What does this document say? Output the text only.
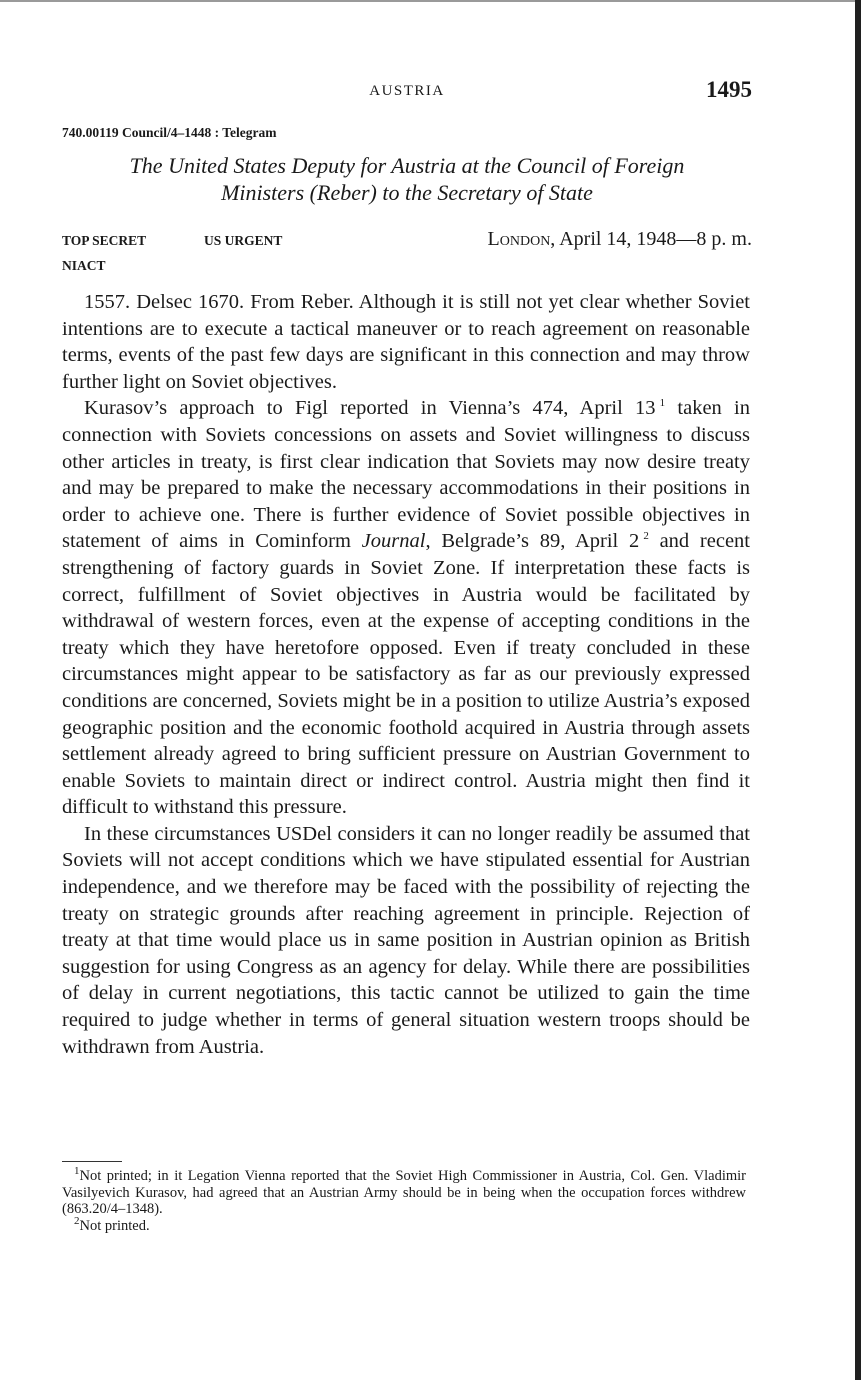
AUSTRIA	1495
740.00119 Council/4–1448 : Telegram
The United States Deputy for Austria at the Council of Foreign
Ministers (Reber) to the Secretary of State
TOP SECRET	US URGENT
NIACT
London, April 14, 1948—8 p. m.

1557. Delsec 1670. From Reber. Although it is still not yet clear whether Soviet intentions are to execute a tactical maneuver or to reach agreement on reasonable terms, events of the past few days are significant in this connection and may throw further light on Soviet objectives.

Kurasov’s approach to Figl reported in Vienna’s 474, April 13  $^1$ taken in connection with Soviets concessions on assets and Soviet willingness to discuss other articles in treaty, is first clear indication that Soviets may now desire treaty and may be prepared to make the necessary accommodations in their positions in order to achieve one. There is further evidence of Soviet possible objectives in statement of aims in Cominform Journal, Belgrade’s 89, April 2  $^2$ and recent strengthening of factory guards in Soviet Zone. If interpretation these facts is correct, fulfillment of Soviet objectives in Austria would be facilitated by withdrawal of western forces, even at the expense of accepting conditions in the treaty which they have heretofore opposed. Even if treaty concluded in these circumstances might appear to be satisfactory as far as our previously expressed conditions are concerned, Soviets might be in a position to utilize Austria’s exposed geographic position and the economic foothold acquired in Austria through assets settlement already agreed to bring sufficient pressure on Austrian Government to enable Soviets to maintain direct or indirect control. Austria might then find it difficult to withstand this pressure.

In these circumstances USDel considers it can no longer readily be assumed that Soviets will not accept conditions which we have stipulated essential for Austrian independence, and we therefore may be faced with the possibility of rejecting the treaty on strategic grounds after reaching agreement in principle. Rejection of treaty at that time would place us in same position in Austrian opinion as British suggestion for using Congress as an agency for delay. While there are possibilities of delay in current negotiations, this tactic cannot be utilized to gain the time required to judge whether in terms of general situation western troops should be withdrawn from Austria.

$^1$Not printed; in it Legation Vienna reported that the Soviet High Commissioner in Austria, Col. Gen. Vladimir Vasilyevich Kurasov, had agreed that an Austrian Army should be in being when the occupation forces withdrew (863.20/4–1348).

$^2$Not printed.
